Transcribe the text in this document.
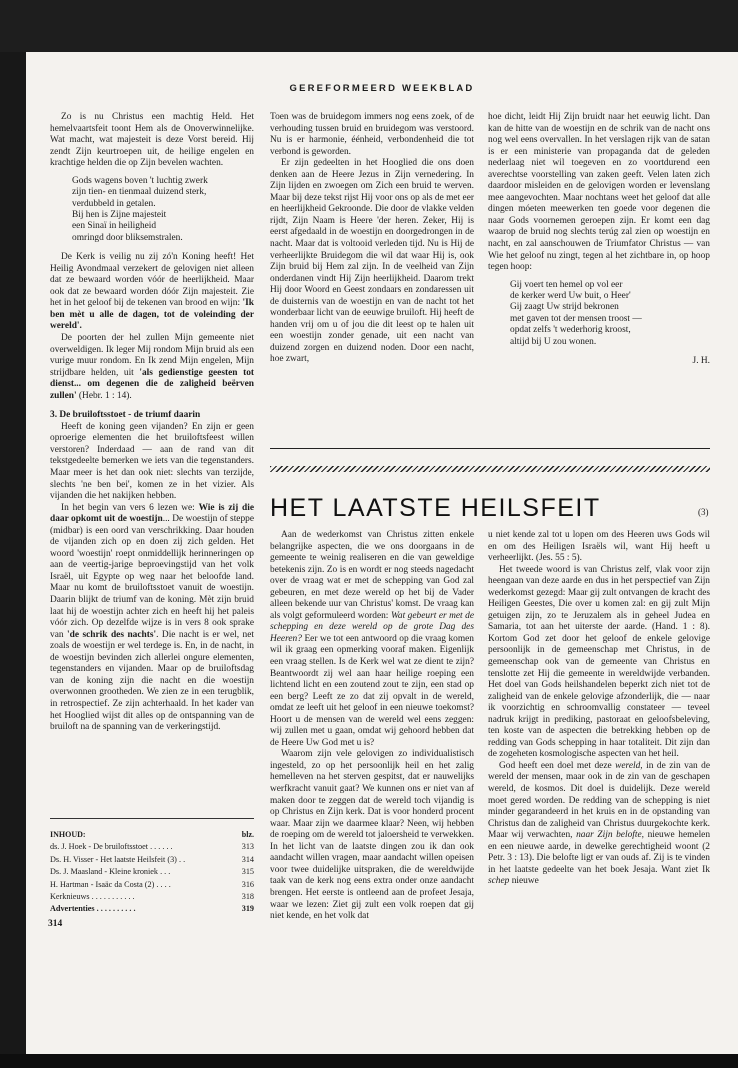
GEREFORMEERD WEEKBLAD

Zo is nu Christus een machtig Held. Het hemelvaartsfeit toont Hem als de Onoverwinnelijke. Wat macht, wat majesteit is deze Vorst bereid. Hij zendt Zijn keurtroepen uit, de heilige engelen en krachtige helden die op Zijn bevelen wachten.

Gods wagens boven 't luchtig zwerk
zijn tien- en tienmaal duizend sterk,
verdubbeld in getalen.
Bij hen is Zijne majesteit
een Sinaï in heiligheid
omringd door bliksemstralen.

De Kerk is veilig nu zij zó'n Koning heeft! Het Heilig Avondmaal verzekert de gelovigen niet alleen dat ze bewaard worden vóór de heerlijkheid. Maar ook dat ze bewaard worden dóór Zijn majesteit. Zie het in het geloof bij de tekenen van brood en wijn: 'Ik ben mèt u alle de dagen, tot de voleinding der wereld'.

De poorten der hel zullen Mijn gemeente niet overweldigen. Ik leger Mij rondom Mijn bruid als een vurige muur rondom. En Ik zend Mijn engelen, Mijn strijdbare helden, uit 'als gedienstige geesten tot dienst... om degenen die de zaligheid beërven zullen' (Hebr. 1 : 14).

3. De bruiloftsstoet - de triumf daarin

Heeft de koning geen vijanden? En zijn er geen oproerige elementen die het bruiloftsfeest willen verstoren? Inderdaad — aan de rand van dit tekstgedeelte bemerken we iets van die tegenstanders. Maar meer is het dan ook niet: slechts van terzijde, slechts 'ne ben bei', komen ze in het vizier. Als vijanden die het nakijken hebben.

In het begin van vers 6 lezen we: Wie is zij die daar opkomt uit de woestijn... De woestijn of steppe (midbar) is een oord van verschrikking. Daar houden de vijanden zich op en doen zij zich gelden. Het woord 'woestijn' roept onmiddellijk herinneringen op aan de veertig-jarige beproevingstijd van het volk Israël, uit Egypte op weg naar het beloofde land. Maar nu komt de bruiloftsstoet vanuit de woestijn. Daarin blijkt de triumf van de koning. Mèt zijn bruid laat hij de woestijn achter zich en heeft hij het paleis vóór zich. Op dezelfde wijze is in vers 8 ook sprake van 'de schrik des nachts'. Die nacht is er wel, net zoals de woestijn er wel terdege is. En, in de nacht, in de woestijn bevinden zich allerlei ongure elementen, tegenstanders en vijanden. Maar op de bruiloftsdag van de koning zijn die nacht en die woestijn overwonnen grootheden. We zien ze in een terugblik, in retrospectief. Ze zijn achterhaald. In het kader van het Hooglied wijst dit alles op de ontspanning van de bruiloft na de spanning van de verkeringstijd.

Toen was de bruidegom immers nog eens zoek, of de verhouding tussen bruid en bruidegom was verstoord. Nu is er harmonie, éénheid, verbondenheid die tot verbond is geworden.

Er zijn gedeelten in het Hooglied die ons doen denken aan de Heere Jezus in Zijn vernedering. In Zijn lijden en zwoegen om Zich een bruid te werven. Maar bij deze tekst rijst Hij voor ons op als de met eer en heerlijkheid Gekroonde. Die door de vlakke velden rijdt, Zijn Naam is Heere 'der heren. Zeker, Hij is eerst afgedaald in de woestijn en doorgedrongen in de nacht. Maar dat is voltooid verleden tijd. Nu is Hij de verheerlijkte Bruidegom die wil dat waar Hij is, ook Zijn bruid bij Hem zal zijn. In de veelheid van Zijn onderdanen vindt Hij Zijn heerlijkheid. Daarom trekt Hij door Woord en Geest zondaars en zondaressen uit de duisternis van de woestijn en van de nacht tot het wonderbaar licht van de eeuwige bruiloft. Hij heeft de handen vrij om u of jou die dit leest op te halen uit een woestijn zonder genade, uit een nacht van duizend zorgen en duizend noden. Door een nacht, hoe zwart,

hoe dicht, leidt Hij Zijn bruidt naar het eeuwig licht. Dan kan de hitte van de woestijn en de schrik van de nacht ons nog wel eens overvallen. In het verslagen rijk van de satan is er een ministerie van propaganda dat de geleden nederlaag niet wil toegeven en zo voortdurend een averechtse voorstelling van zaken geeft. Velen laten zich daardoor misleiden en de gelovigen worden er levenslang mee aangevochten. Maar nochtans weet het geloof dat alle dingen móeten meewerken ten goede voor degenen die naar Gods voornemen geroepen zijn. Er komt een dag waarop de bruid nog slechts terúg zal zien op woestijn en nacht, en zal aanschouwen de Triumfator Christus — van Wie het geloof nu zingt, tegen al het zichtbare in, op hoop tegen hoop:

Gij voert ten hemel op vol eer
de kerker werd Uw buit, o Heer'
Gij zaagt Uw strijd bekronen
met gaven tot der mensen troost —
opdat zelfs 't wederhorig kroost,
altijd bij U zou wonen.
J. H.
HET LAATSTE HEILSFEIT	(3)

Aan de wederkomst van Christus zitten enkele belangrijke aspecten, die we ons doorgaans in de gemeente te weinig realiseren en die van geweldige betekenis zijn. Zo is en wordt er nog steeds nagedacht over de vraag wat er met de schepping van God zal gebeuren, en met deze wereld op het bij de Vader alleen bekende uur van Christus' komst. De vraag kan als volgt geformuleerd worden: Wat gebeurt er met de schepping en deze wereld op de grote Dag des Heeren? Eer we tot een antwoord op die vraag komen wil ik graag een opmerking vooraf maken. Eigenlijk een vraag stellen. Is de Kerk wel wat ze dient te zijn? Beantwoordt zij wel aan haar heilige roeping een lichtend licht en een zoutend zout te zijn, een stad op een berg? Leeft ze zo dat zij opvalt in de wereld, omdat ze leeft uit het geloof in een nieuwe toekomst? Hoort u de mensen van de wereld wel eens zeggen: wij zullen met u gaan, omdat wij gehoord hebben dat de Heere Uw God met u is?

Waarom zijn vele gelovigen zo individualistisch ingesteld, zo op het persoonlijk heil en het zalig hemelleven na het sterven gespitst, dat er nauwelijks werfkracht vanuit gaat? We kunnen ons er niet van af maken door te zeggen dat de wereld toch vijandig is op Christus en Zijn kerk. Dat is voor honderd procent waar. Maar zijn we daarmee klaar? Neen, wij hebben de roeping om de wereld tot jaloersheid te verwekken. In het licht van de laatste dingen zou ik dan ook aandacht willen vragen, maar aandacht willen opeisen voor twee duidelijke uitspraken, die de wereldwijde taak van de kerk nog eens extra onder onze aandacht brengen. Het eerste is ontleend aan de profeet Jesaja, waar we lezen: Ziet gij zult een volk roepen dat gij niet kende, en het volk dat

u niet kende zal tot u lopen om des Heeren uws Gods wil en om des Heiligen Israëls wil, want Hij heeft u verheerlijkt. (Jes. 55 : 5).

Het tweede woord is van Christus zelf, vlak voor zijn heengaan van deze aarde en dus in het perspectief van Zijn wederkomst gezegd: Maar gij zult ontvangen de kracht des Heiligen Geestes, Die over u komen zal: en gij zult Mijn getuigen zijn, zo te Jeruzalem als in geheel Judea en Samaria, tot aan het uiterste der aarde. (Hand. 1 : 8). Kortom God zet door het geloof de enkele gelovige persoonlijk in de gemeenschap met Christus, in de gemeenschap ook van de gemeente van Christus en tenslotte zet Hij die gemeente in wereldwijde verbanden. Het doel van Gods heilshandelen beperkt zich niet tot de zaligheid van de enkele gelovige afzonderlijk, die — naar ik voorzichtig en schroomvallig constateer — teveel nadruk krijgt in prediking, pastoraat en geloofsbeleving, ten koste van de aspecten die betrekking hebben op de redding van Gods schepping in haar totaliteit. Dit zijn dan de zogeheten kosmologische aspecten van het heil.

God heeft een doel met deze wereld, in de zin van de wereld der mensen, maar ook in de zin van de geschapen wereld, de kosmos. Dit doel is duidelijk. Deze wereld moet gered worden. De redding van de schepping is niet minder gegarandeerd in het kruis en in de opstanding van Christus dan de zaligheid van Christus duurgekochte kerk. Maar wij verwachten, naar Zijn belofte, nieuwe hemelen en een nieuwe aarde, in dewelke gerechtigheid woont (2 Petr. 3 : 13). Die belofte ligt er van ouds af. Zij is te vinden in het laatste gedeelte van het boek Jesaja. Want ziet Ik schep nieuwe

INHOUD:	blz.
ds. J. Hoek - De bruiloftsstoet . . . . . .	313
Ds. H. Visser - Het laatste Heilsfeit (3) . .	314
Ds. J. Maasland - Kleine kroniek . . .	315
H. Hartman - Isaäc da Costa (2) . . . .	316
Kerknieuws . . . . . . . . . . .	318
Advertenties . . . . . . . . . .	319
314
